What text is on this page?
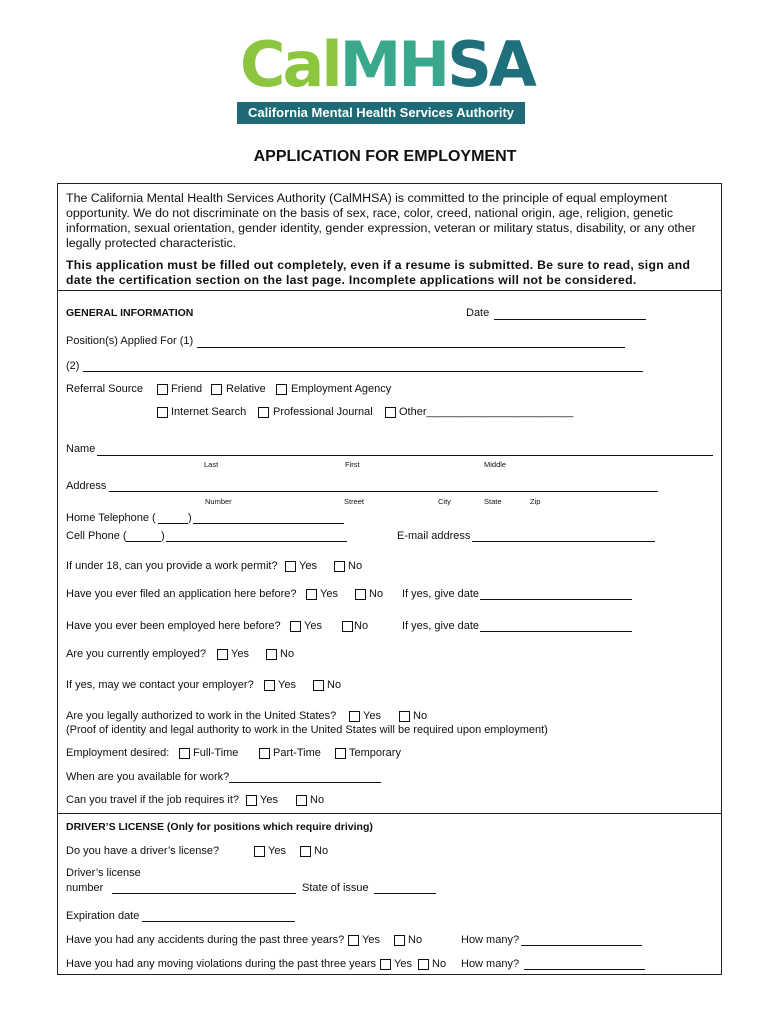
CalMHSA
California Mental Health Services Authority
APPLICATION FOR EMPLOYMENT
The California Mental Health Services Authority (CalMHSA) is committed to the principle of equal employment opportunity. We do not discriminate on the basis of sex, race, color, creed, national origin, age, religion, genetic information, sexual orientation, gender identity, gender expression, veteran or military status, disability, or any other legally protected characteristic.
This application must be filled out completely, even if a resume is submitted. Be sure to read, sign and date the certification section on the last page. Incomplete applications will not be considered.
GENERAL INFORMATION	Date
Position(s) Applied For (1)
(2)
Referral Source	Friend Relative Employment Agency
Internet Search Professional Journal Other________________________
Name
Last	First	Middle
Address
Number	Street	City	State	Zip
Home Telephone (	)
Cell Phone (	)	E-mail address
If under 18, can you provide a work permit? Yes	No
Have you ever filed an application here before? Yes	No If yes, give date
Have you ever been employed here before? Yes	No	If yes, give date
Are you currently employed? Yes	No
If yes, may we contact your employer? Yes	No
Are you legally authorized to work in the United States? Yes	No
(Proof of identity and legal authority to work in the United States will be required upon employment)
Employment desired: Full-Time	Part-Time	Temporary
When are you available for work?
Can you travel if the job requires it? Yes	No
DRIVER’S LICENSE (Only for positions which require driving)
Do you have a driver’s license?	Yes	No
Driver’s license
number	State of issue
Expiration date
Have you had any accidents during the past three years? Yes	No	How many?
Have you had any moving violations during the past three years Yes No How many?
